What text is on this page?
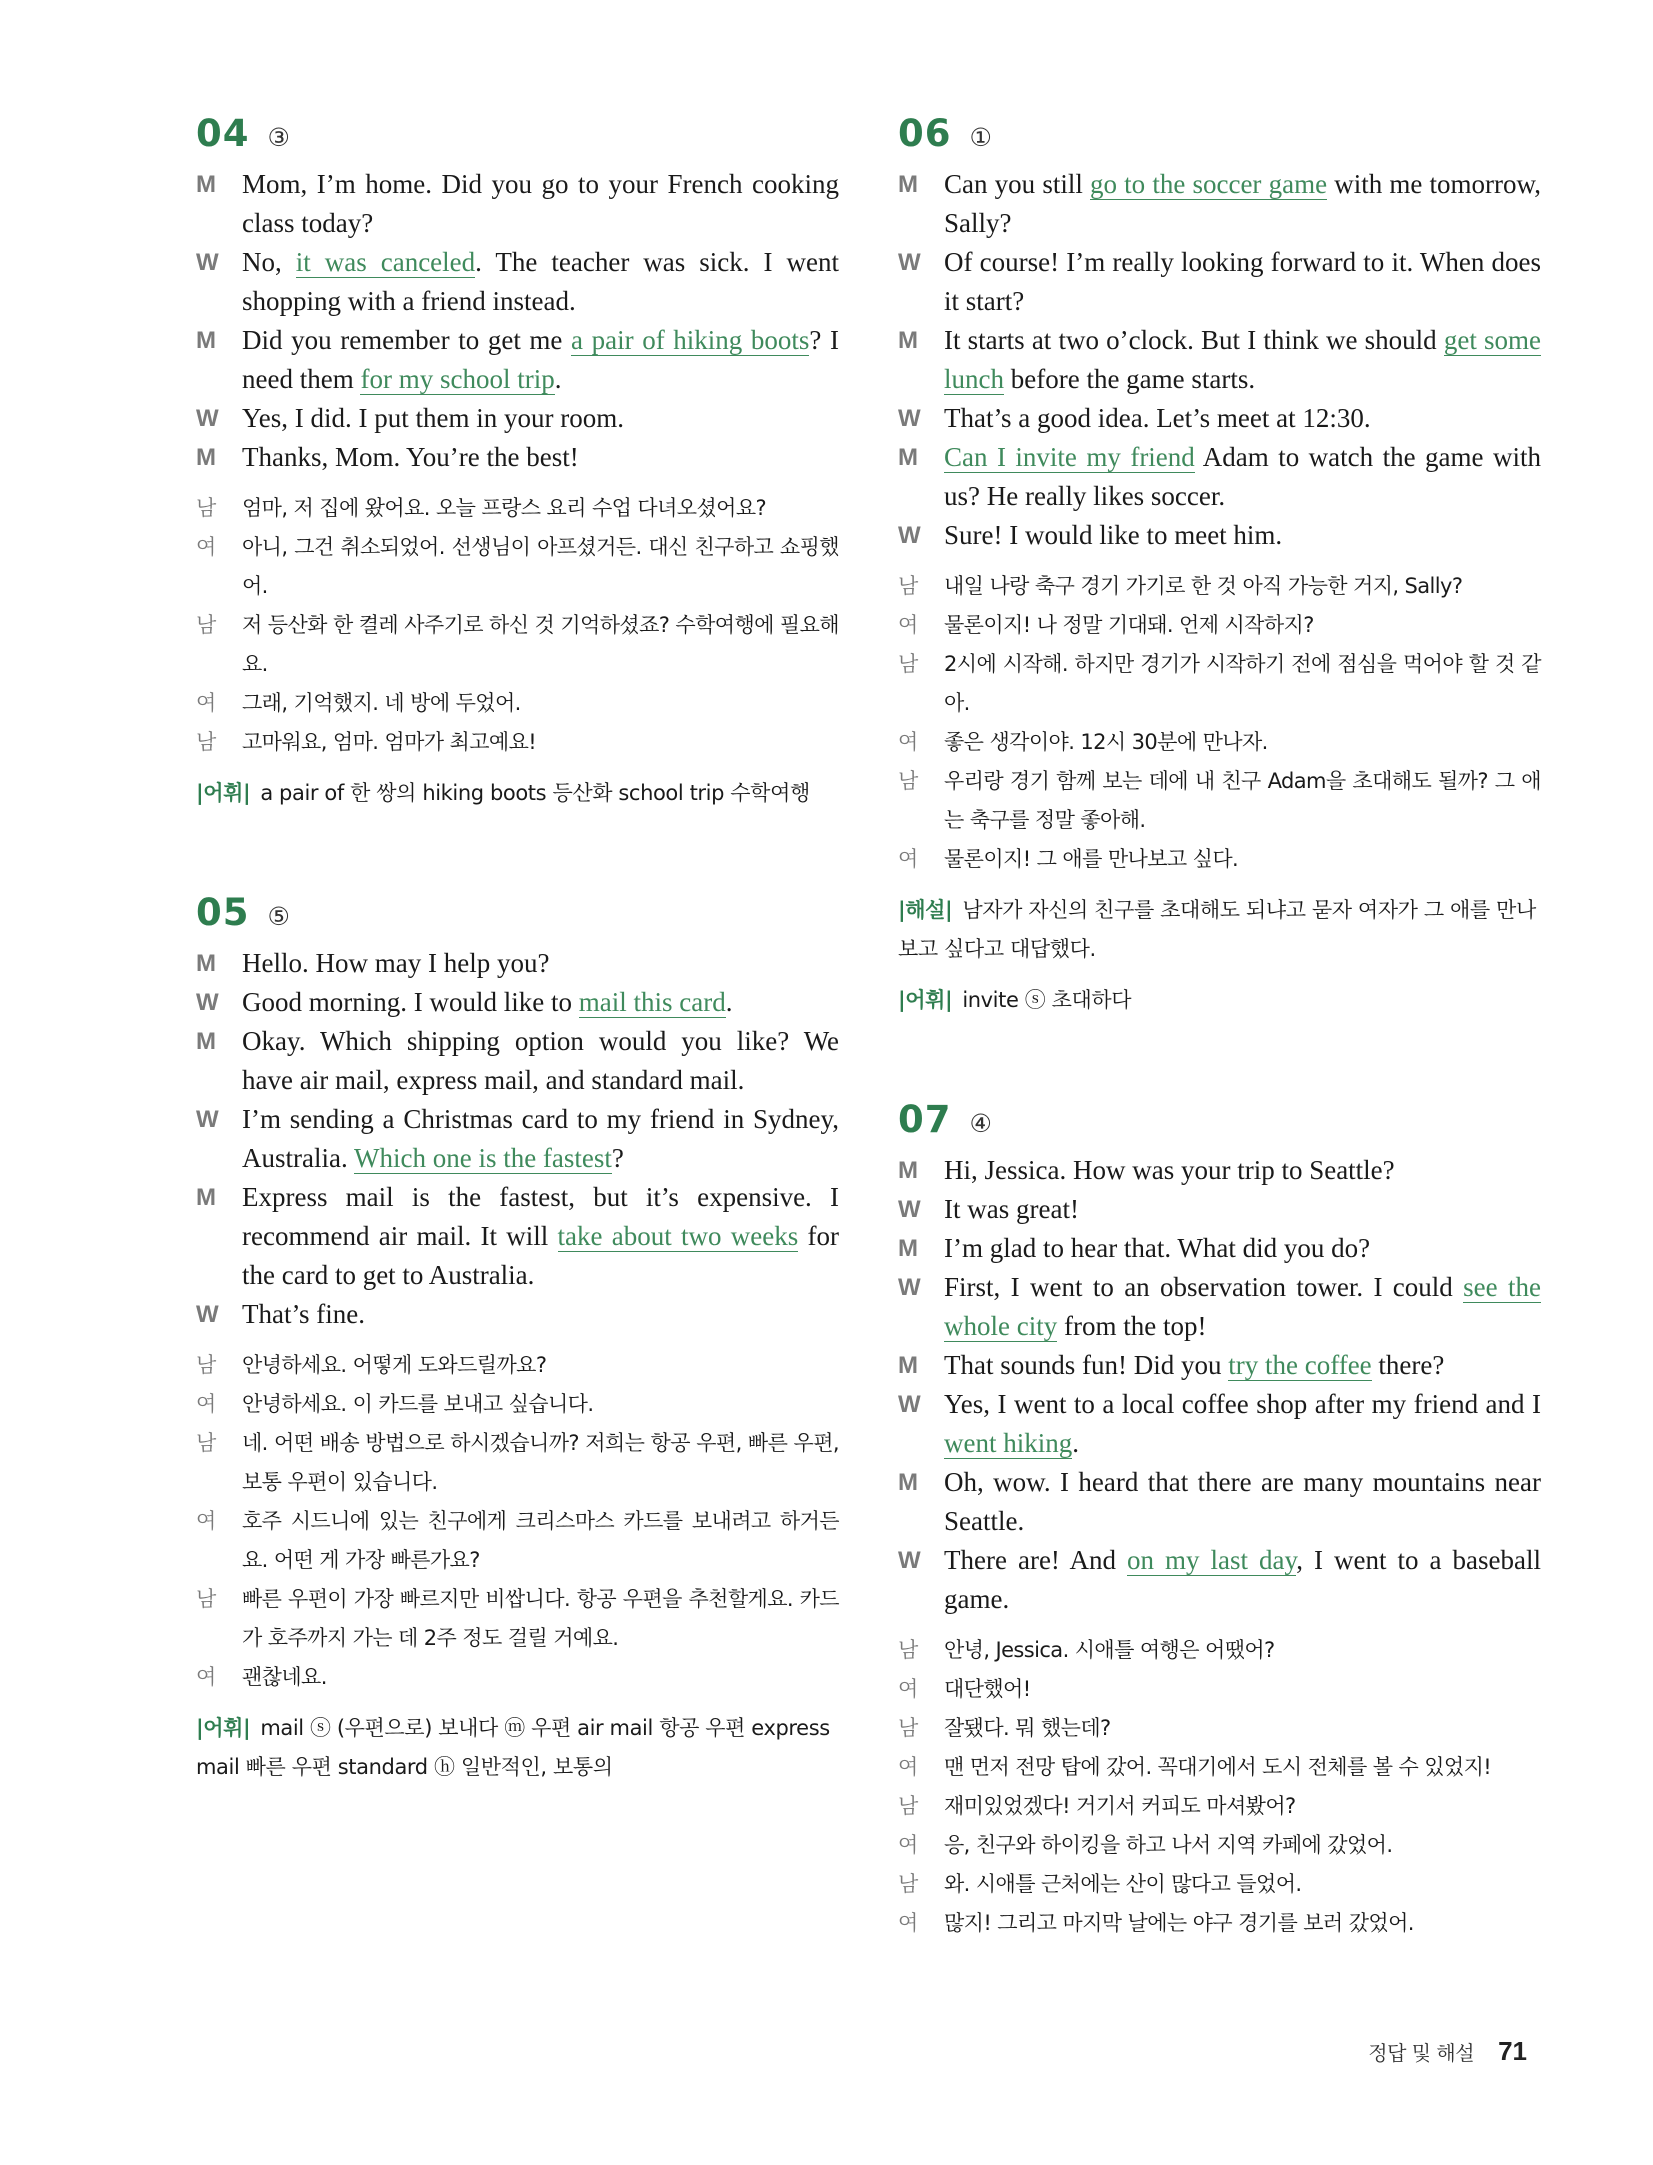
04 ③
M Mom, I’m home. Did you go to your French cooking class today?
W No, it was canceled. The teacher was sick. I went shopping with a friend instead.
M Did you remember to get me a pair of hiking boots? I need them for my school trip.
W Yes, I did. I put them in your room.
M Thanks, Mom. You’re the best!
남	엄마, 저 집에 왔어요. 오늘 프랑스 요리 수업 다녀오셨어요?
여	아니, 그건 취소되었어. 선생님이 아프셨거든. 대신 친구하고 쇼핑했어.
남	저 등산화 한 켤레 사주기로 하신 것 기억하셨죠? 수학여행에 필요해요.
여	그래, 기억했지. 네 방에 두었어.
남	고마워요, 엄마. 엄마가 최고예요!
|어휘| a pair of 한 쌍의 hiking boots 등산화 school trip 수학여행
05 ⑤
M Hello. How may I help you?
W Good morning. I would like to mail this card.
M Okay. Which shipping option would you like? We have air mail, express mail, and standard mail.
W I’m sending a Christmas card to my friend in Sydney, Australia. Which one is the fastest?
M Express mail is the fastest, but it’s expensive. I recommend air mail. It will take about two weeks for the card to get to Australia.
W That’s fine.
남	안녕하세요. 어떻게 도와드릴까요?
여	안녕하세요. 이 카드를 보내고 싶습니다.
남	네. 어떤 배송 방법으로 하시겠습니까? 저희는 항공 우편, 빠른 우편, 보통 우편이 있습니다.
여	호주 시드니에 있는 친구에게 크리스마스 카드를 보내려고 하거든요. 어떤 게 가장 빠른가요?
남	빠른 우편이 가장 빠르지만 비쌉니다. 항공 우편을 추천할게요. 카드가 호주까지 가는 데 2주 정도 걸릴 거예요.
여	괜찮네요.
|어휘| mail ⓢ (우편으로) 보내다 ⓜ 우편 air mail 항공 우편 express mail 빠른 우편 standard ⓗ 일반적인, 보통의
06 ①
M Can you still go to the soccer game with me tomorrow, Sally?
W Of course! I’m really looking forward to it. When does it start?
M It starts at two o’clock. But I think we should get some lunch before the game starts.
W That’s a good idea. Let’s meet at 12:30.
M Can I invite my friend Adam to watch the game with us? He really likes soccer.
W Sure! I would like to meet him.
남	내일 나랑 축구 경기 가기로 한 것 아직 가능한 거지, Sally?
여	물론이지! 나 정말 기대돼. 언제 시작하지?
남	2시에 시작해. 하지만 경기가 시작하기 전에 점심을 먹어야 할 것 같아.
여	좋은 생각이야. 12시 30분에 만나자.
남	우리랑 경기 함께 보는 데에 내 친구 Adam을 초대해도 될까? 그 애는 축구를 정말 좋아해.
여	물론이지! 그 애를 만나보고 싶다.
|해설| 남자가 자신의 친구를 초대해도 되냐고 묻자 여자가 그 애를 만나보고 싶다고 대답했다.
|어휘| invite ⓢ 초대하다
07 ④
M Hi, Jessica. How was your trip to Seattle?
W It was great!
M I’m glad to hear that. What did you do?
W First, I went to an observation tower. I could see the whole city from the top!
M That sounds fun! Did you try the coffee there?
W Yes, I went to a local coffee shop after my friend and I went hiking.
M Oh, wow. I heard that there are many mountains near Seattle.
W There are! And on my last day, I went to a baseball game.
남	안녕, Jessica. 시애틀 여행은 어땠어?
여	대단했어!
남	잘됐다. 뭐 했는데?
여	맨 먼저 전망 탑에 갔어. 꼭대기에서 도시 전체를 볼 수 있었지!
남	재미있었겠다! 거기서 커피도 마셔봤어?
여	응, 친구와 하이킹을 하고 나서 지역 카페에 갔었어.
남	와. 시애틀 근처에는 산이 많다고 들었어.
여	많지! 그리고 마지막 날에는 야구 경기를 보러 갔었어.
정답 및 해설 71
